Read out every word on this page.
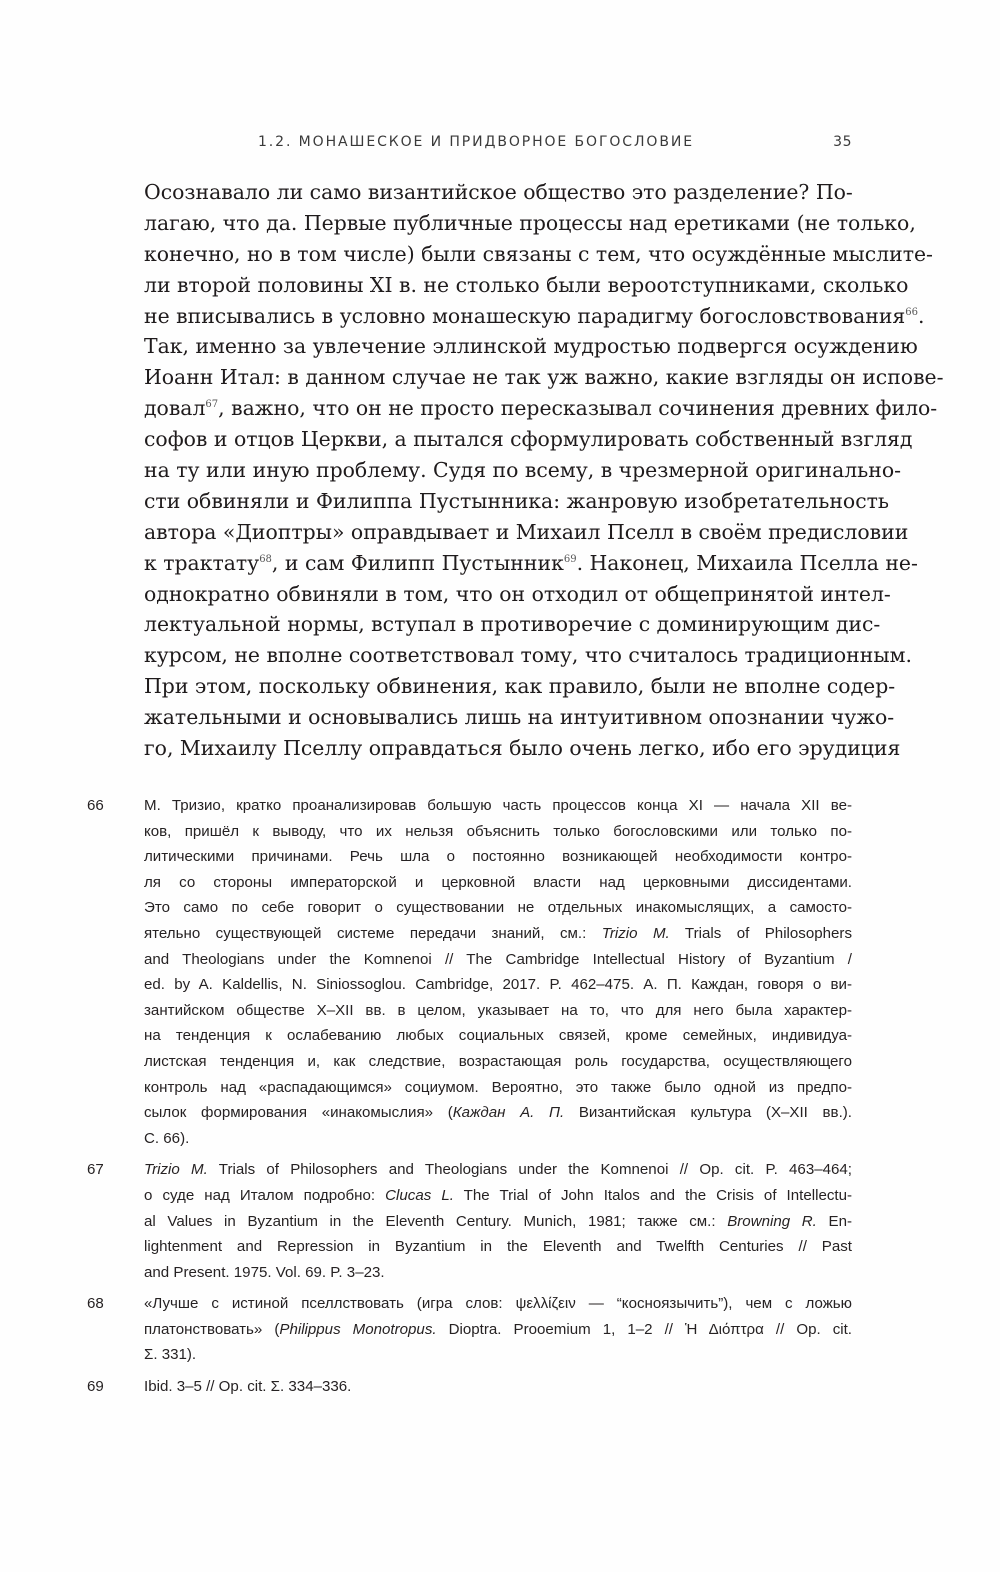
1.2. МОНАШЕСКОЕ И ПРИДВОРНОЕ БОГОСЛОВИЕ	35
Осознавало ли само византийское общество это разделение? По-
лагаю, что да. Первые публичные процессы над еретиками (не только,
конечно, но в том числе) были связаны с тем, что осуждённые мыслите-
ли второй половины XI в. не столько были вероотступниками, сколько
не вписывались в условно монашескую парадигму богословствования$^{66}$.
Так, именно за увлечение эллинской мудростью подвергся осуждению
Иоанн Итал: в данном случае не так уж важно, какие взгляды он испове-
довал$^{67}$, важно, что он не просто пересказывал сочинения древних фило-
софов и отцов Церкви, а пытался сформулировать собственный взгляд
на ту или иную проблему. Судя по всему, в чрезмерной оригинально-
сти обвиняли и Филиппа Пустынника: жанровую изобретательность
автора «Диоптры» оправдывает и Михаил Пселл в своём предисловии
к трактату$^{68}$, и сам Филипп Пустынник$^{69}$. Наконец, Михаила Пселла не-
однократно обвиняли в том, что он отходил от общепринятой интел-
лектуальной нормы, вступал в противоречие с доминирующим дис-
курсом, не вполне соответствовал тому, что считалось традиционным.
При этом, поскольку обвинения, как правило, были не вполне содер-
жательными и основывались лишь на интуитивном опознании чужо-
го, Михаилу Пселлу оправдаться было очень легко, ибо его эрудиция
66	М. Тризио, кратко проанализировав большую часть процессов конца XI — начала XII ве-
ков, пришёл к выводу, что их нельзя объяснить только богословскими или только по-
литическими причинами. Речь шла о постоянно возникающей необходимости контро-
ля со стороны императорской и церковной власти над церковными диссидентами.
Это само по себе говорит о существовании не отдельных инакомыслящих, а самосто-
ятельно существующей системе передачи знаний, см.: Trizio M. Trials of Philosophers
and Theologians under the Komnenoi // The Cambridge Intellectual History of Byzantium /
ed. by A. Kaldellis, N. Siniossoglou. Cambridge, 2017. P. 462–475. А. П. Каждан, говоря о ви-
зантийском обществе X–XII вв. в целом, указывает на то, что для него была характер-
на тенденция к ослабеванию любых социальных связей, кроме семейных, индивидуа-
листская тенденция и, как следствие, возрастающая роль государства, осуществляющего
контроль над «распадающимся» социумом. Вероятно, это также было одной из предпо-
сылок формирования «инакомыслия» (Каждан А. П. Византийская культура (X–XII вв.).
С. 66).
67	Trizio M. Trials of Philosophers and Theologians under the Komnenoi // Op. cit. P. 463–464;
о суде над Италом подробно: Clucas L. The Trial of John Italos and the Crisis of Intellectu-
al Values in Byzantium in the Eleventh Century. Munich, 1981; также см.: Browning R. En-
lightenment and Repression in Byzantium in the Eleventh and Twelfth Centuries // Past
and Present. 1975. Vol. 69. P. 3–23.
68	«Лучше с истиной пселлствовать (игра слов: ψελλίζειν — “косноязычить”), чем с ложью
платонствовать» (Philippus Monotropus. Dioptra. Prooemium 1, 1–2 // Ἡ Διόπτρα // Op. cit.
Σ. 331).
69	Ibid. 3–5 // Op. cit. Σ. 334–336.
